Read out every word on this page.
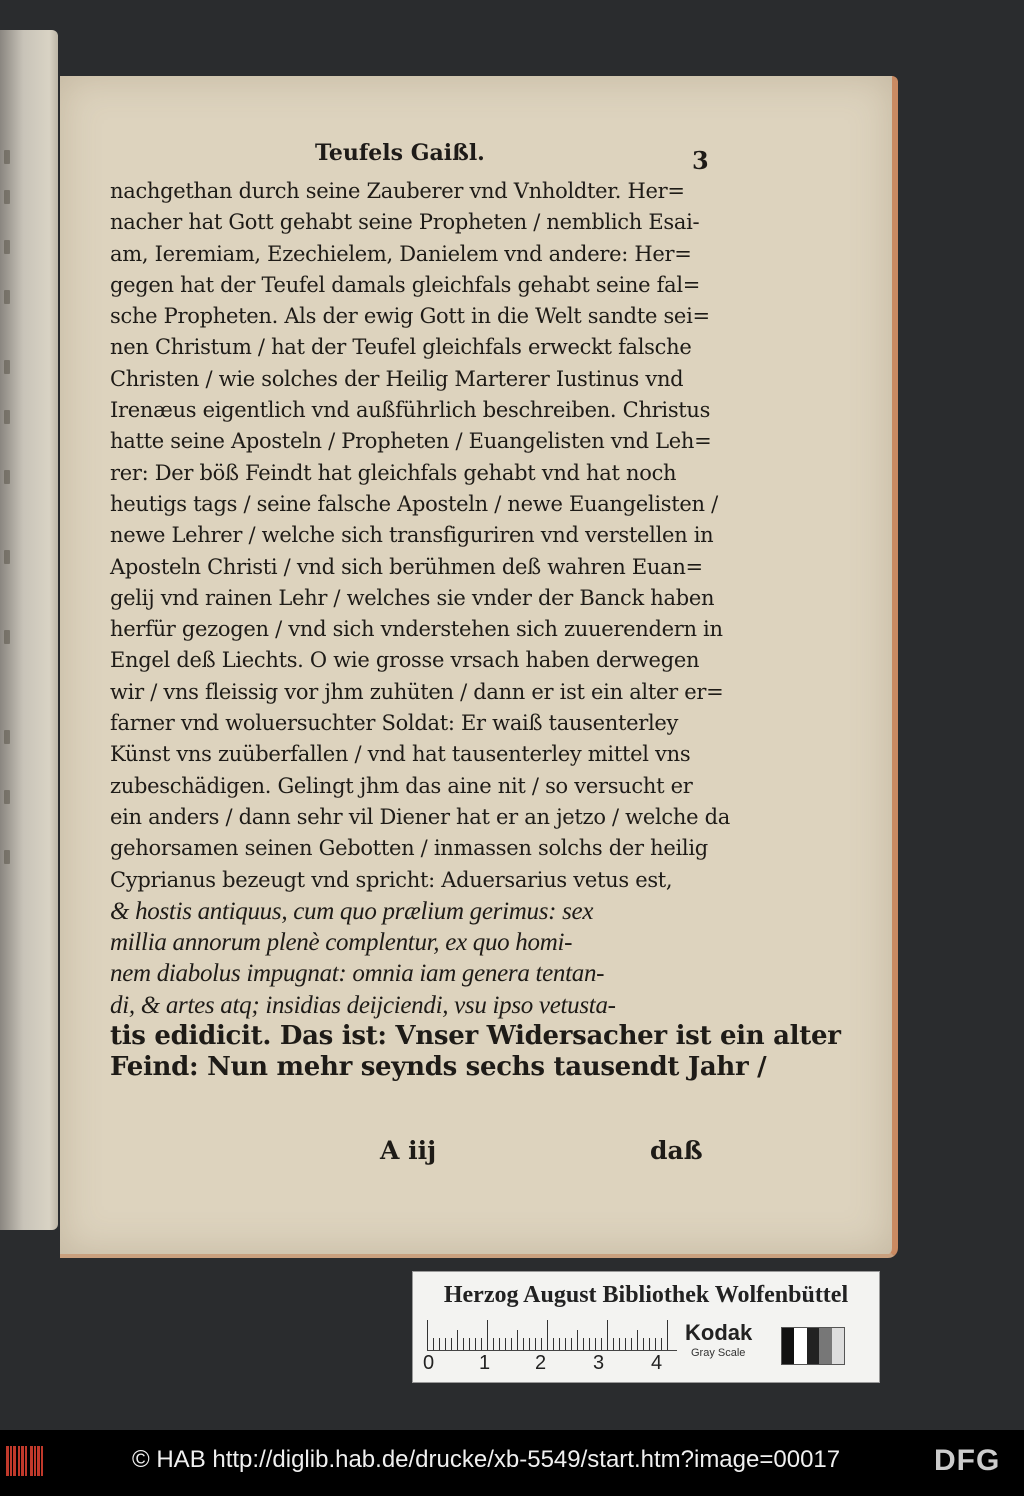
Teufels Gaißl.	3
nachgethan durch seine Zauberer vnd Vnholdter. Her=
nacher hat Gott gehabt seine Propheten / nemblich Esai-
am, Ieremiam, Ezechielem, Danielem vnd andere: Her=
gegen hat der Teufel damals gleichfals gehabt seine fal=
sche Propheten. Als der ewig Gott in die Welt sandte sei=
nen Christum / hat der Teufel gleichfals erweckt falsche
Christen / wie solches der Heilig Marterer Iustinus vnd
Irenæus eigentlich vnd außführlich beschreiben. Christus
hatte seine Aposteln / Propheten / Euangelisten vnd Leh=
rer: Der böß Feindt hat gleichfals gehabt vnd hat noch
heutigs tags / seine falsche Aposteln / newe Euangelisten /
newe Lehrer / welche sich transfiguriren vnd verstellen in
Aposteln Christi / vnd sich berühmen deß wahren Euan=
gelij vnd rainen Lehr / welches sie vnder der Banck haben
herfür gezogen / vnd sich vnderstehen sich zuuerendern in
Engel deß Liechts. O wie grosse vrsach haben derwegen
wir / vns fleissig vor jhm zuhüten / dann er ist ein alter er=
farner vnd woluersuchter Soldat: Er waiß tausenterley
Künst vns zuüberfallen / vnd hat tausenterley mittel vns
zubeschädigen. Gelingt jhm das aine nit / so versucht er
ein anders / dann sehr vil Diener hat er an jetzo / welche da
gehorsamen seinen Gebotten / inmassen solchs der heilig
Cyprianus bezeugt vnd spricht: Aduersarius vetus est,
& hostis antiquus, cum quo prælium gerimus: sex
millia annorum plenè complentur, ex quo homi-
nem diabolus impugnat: omnia iam genera tentan-
di, & artes atq; insidias deijciendi, vsu ipso vetusta-
tis edidicit. Das ist: Vnser Widersacher ist ein alter
Feind: Nun mehr seynds sechs tausendt Jahr /
A iij	daß
Herzog August Bibliothek Wolfenbüttel
0 1 2 3 4
Kodak
Gray Scale
© HAB http://diglib.hab.de/drucke/xb-5549/start.htm?image=00017	DFG
